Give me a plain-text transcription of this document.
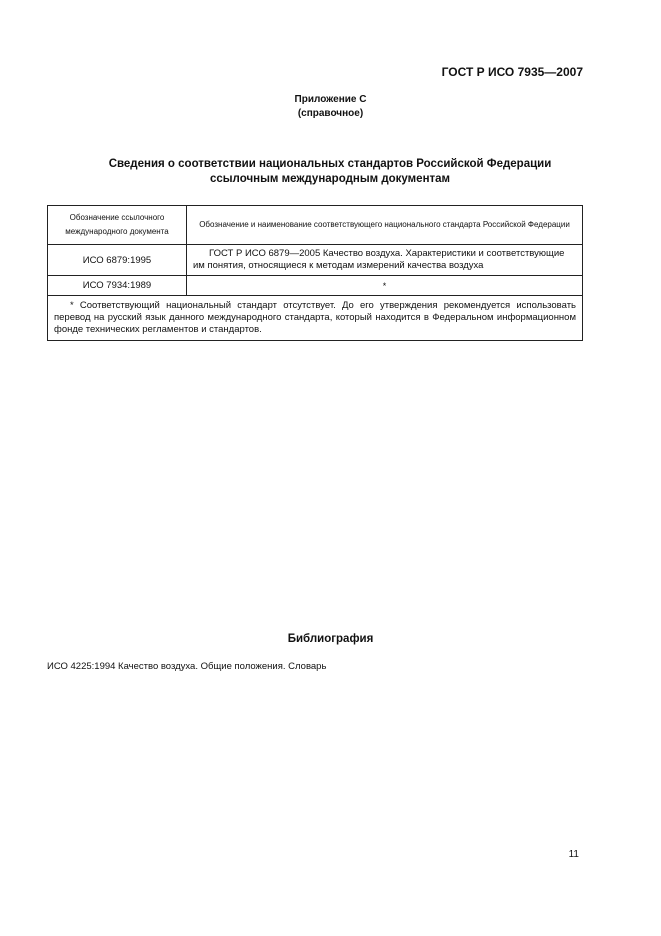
ГОСТ Р ИСО 7935—2007
Приложение С
(справочное)
Сведения о соответствии национальных стандартов Российской Федерации ссылочным международным документам
Обозначение ссылочного международного документа	Обозначение и наименование соответствующего национального стандарта Российской Федерации
ИСО 6879:1995	ГОСТ Р ИСО 6879—2005 Качество воздуха. Характеристики и соответствующие им понятия, относящиеся к методам измерений качества воздуха
ИСО 7934:1989	*
* Соответствующий национальный стандарт отсутствует. До его утверждения рекомендуется использовать перевод на русский язык данного международного стандарта, который находится в Федеральном информационном фонде технических регламентов и стандартов.	
Библиография
ИСО 4225:1994 Качество воздуха. Общие положения. Словарь
11
